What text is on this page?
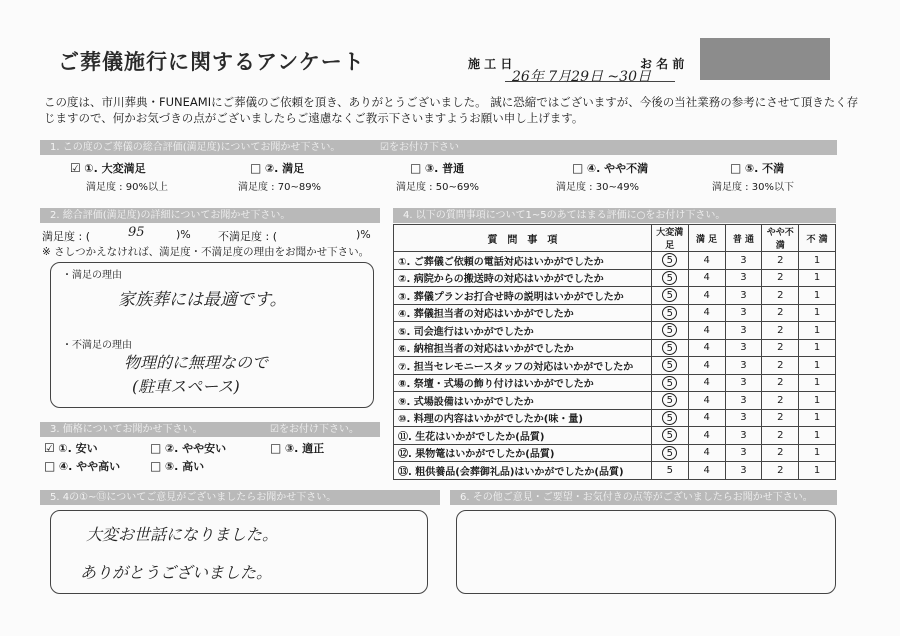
ご葬儀施行に関するアンケート	施 工 日
26年 7月29日 ~30日
お 名 前
この度は、市川葬典・FUNEAMIにご葬儀のご依頼を頂き、ありがとうございました。 誠に恐縮ではございますが、今後の当社業務の参考にさせて頂きたく存じますので、何かお気づきの点がございましたらご遠慮なくご教示下さいますようお願い申し上げます。
1. この度のご葬儀の総合評価(満足度)についてお聞かせ下さい。	☑をお付け下さい
☑ ①. 大変満足
満足度 : 90%以上
□ ②. 満足
満足度 : 70~89%
□ ③. 普通
満足度 : 50~69%
□ ④. やや不満
満足度 : 30~49%
□ ⑤. 不満
満足度 : 30%以下
2. 総合評価(満足度)の詳細についてお聞かせ下さい。
満足度 : (	95	)% 不満足度 : (	)%
※ さしつかえなければ、満足度・不満足度の理由をお聞かせ下さい。
・満足の理由
家族葬には最適です。
・不満足の理由
物理的に無理なので
(駐車スペース)
3. 価格についてお聞かせ下さい。	☑をお付け下さい。
☑ ①. 安い	□ ②. やや安い	□ ③. 適正
□ ④. やや高い □ ⑤. 高い
4. 以下の質問事項について1~5のあてはまる評価に○をお付け下さい。
質　問　事　項	大変満足	満 足	普 通	やや不満	不 満
①. ご葬儀ご依頼の電話対応はいかがでしたか	5	4	3	2	1
②. 病院からの搬送時の対応はいかがでしたか	5	4	3	2	1
③. 葬儀プランお打合せ時の説明はいかがでしたか	5	4	3	2	1
④. 葬儀担当者の対応はいかがでしたか	5	4	3	2	1
⑤. 司会進行はいかがでしたか	5	4	3	2	1
⑥. 納棺担当者の対応はいかがでしたか	5	4	3	2	1
⑦. 担当セレモニースタッフの対応はいかがでしたか	5	4	3	2	1
⑧. 祭壇・式場の飾り付けはいかがでしたか	5	4	3	2	1
⑨. 式場設備はいかがでしたか	5	4	3	2	1
⑩. 料理の内容はいかがでしたか(味・量)	5	4	3	2	1
⑪. 生花はいかがでしたか(品質)	5	4	3	2	1
⑫. 果物篭はいかがでしたか(品質)	5	4	3	2	1
⑬. 粗供養品(会葬御礼品)はいかがでしたか(品質)	5	4	3	2	1
5. 4の①~⑬についてご意見がございましたらお聞かせ下さい。
大変お世話になりました。
ありがとうございました。
6. その他ご意見・ご要望・お気付きの点等がございましたらお聞かせ下さい。
